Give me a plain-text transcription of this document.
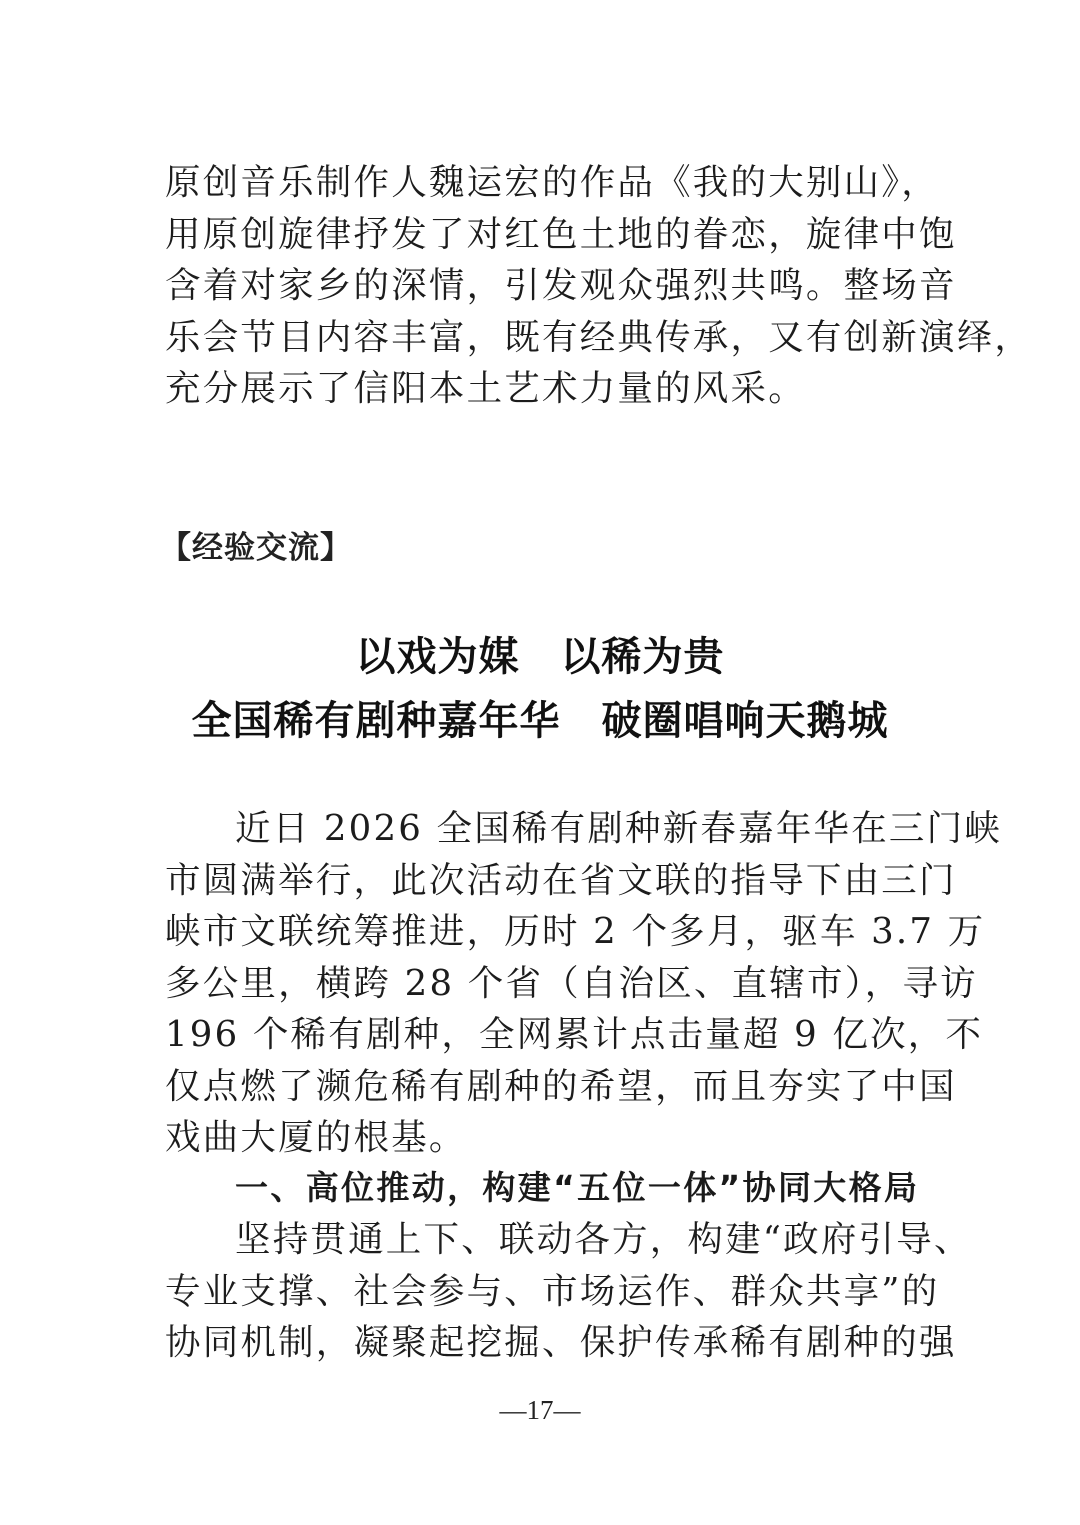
原创音乐制作人魏运宏的作品《我的大别山》，
用原创旋律抒发了对红色土地的眷恋，旋律中饱
含着对家乡的深情，引发观众强烈共鸣。整场音
乐会节目内容丰富，既有经典传承，又有创新演绎，
充分展示了信阳本土艺术力量的风采。
【经验交流】
以戏为媒　以稀为贵
全国稀有剧种嘉年华　破圈唱响天鹅城
近日 2026 全国稀有剧种新春嘉年华在三门峡
市圆满举行，此次活动在省文联的指导下由三门
峡市文联统筹推进，历时 2 个多月，驱车 3.7 万
多公里，横跨 28 个省（自治区、直辖市），寻访
196 个稀有剧种，全网累计点击量超 9 亿次，不
仅点燃了濒危稀有剧种的希望，而且夯实了中国
戏曲大厦的根基。
一、高位推动，构建“五位一体”协同大格局
坚持贯通上下、联动各方，构建“政府引导、
专业支撑、社会参与、市场运作、群众共享”的
协同机制，凝聚起挖掘、保护传承稀有剧种的强
—17—
